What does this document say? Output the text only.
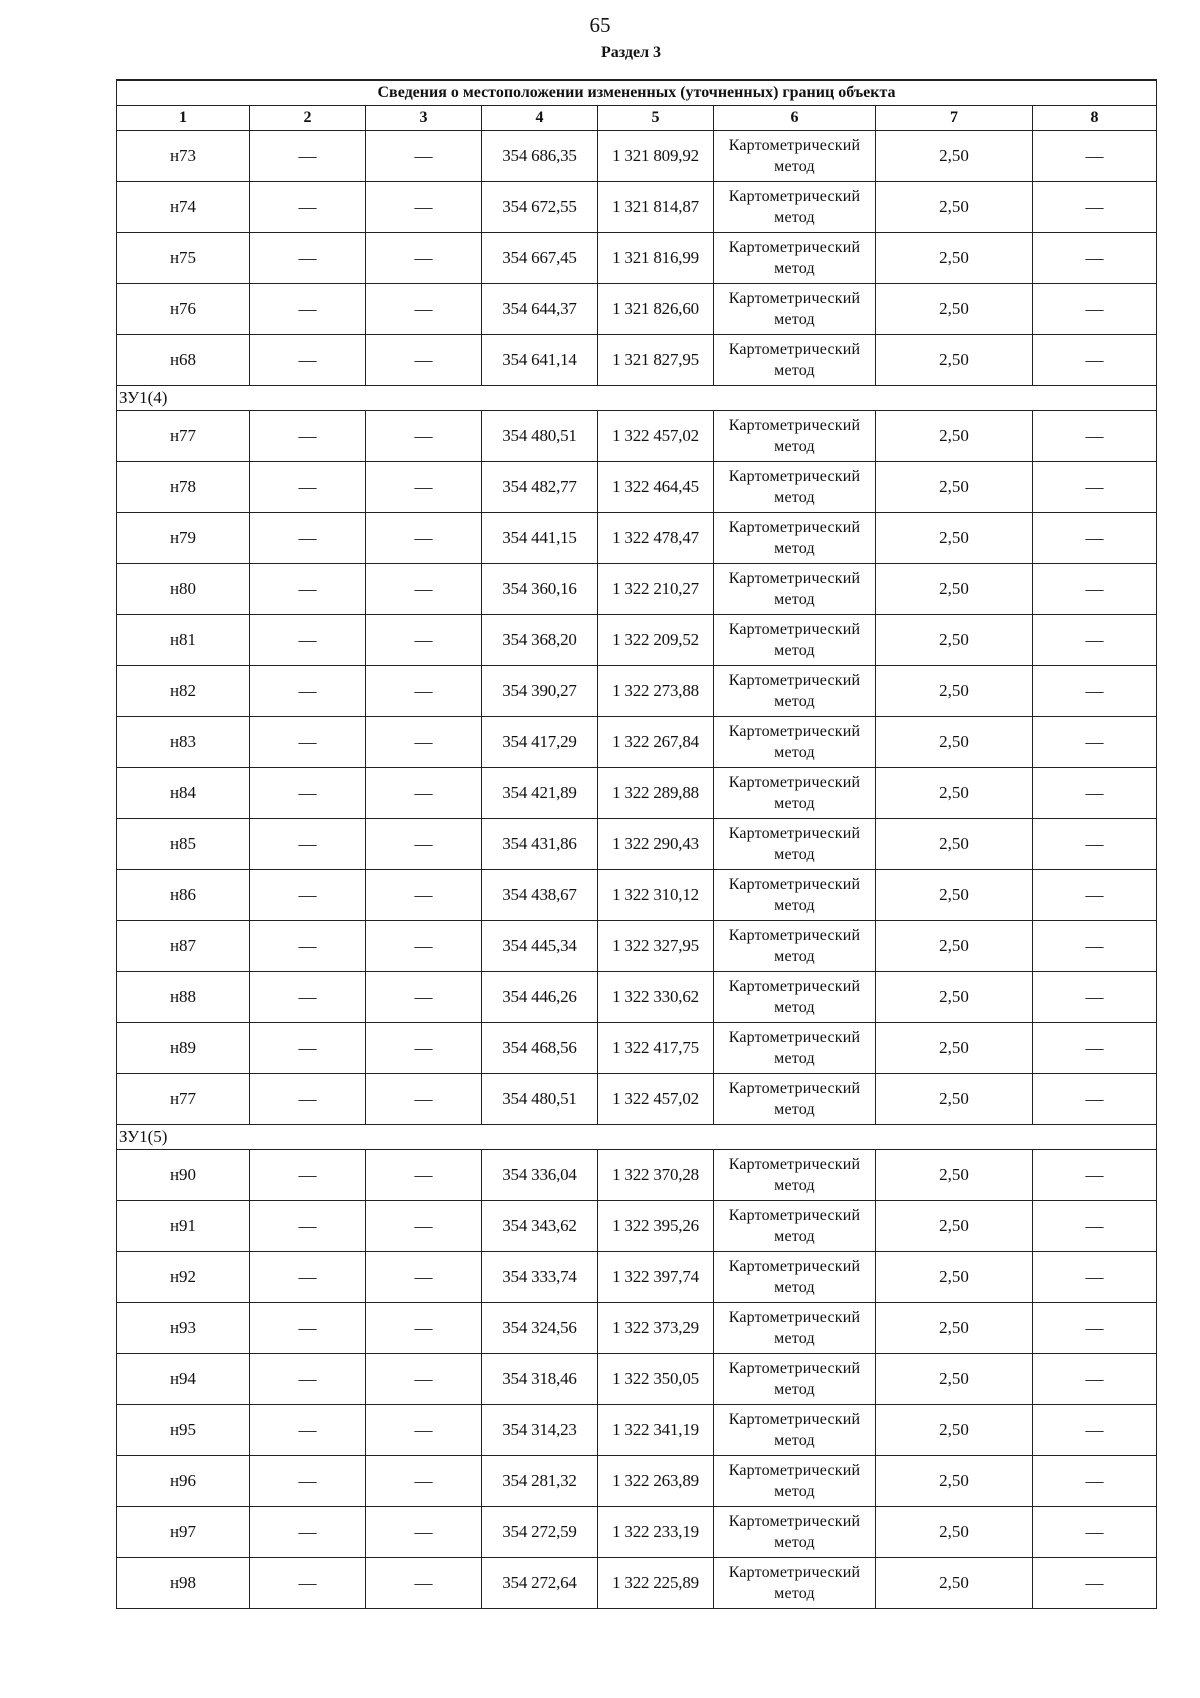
65
Раздел 3
Сведения о местоположении измененных (уточненных) границ объекта							
1	2	3	4	5	6	7	8
н73	—	—	354 686,35	1 321 809,92	Картометрический метод	2,50	—
н74	—	—	354 672,55	1 321 814,87	Картометрический метод	2,50	—
н75	—	—	354 667,45	1 321 816,99	Картометрический метод	2,50	—
н76	—	—	354 644,37	1 321 826,60	Картометрический метод	2,50	—
н68	—	—	354 641,14	1 321 827,95	Картометрический метод	2,50	—
ЗУ1(4)							
н77	—	—	354 480,51	1 322 457,02	Картометрический метод	2,50	—
н78	—	—	354 482,77	1 322 464,45	Картометрический метод	2,50	—
н79	—	—	354 441,15	1 322 478,47	Картометрический метод	2,50	—
н80	—	—	354 360,16	1 322 210,27	Картометрический метод	2,50	—
н81	—	—	354 368,20	1 322 209,52	Картометрический метод	2,50	—
н82	—	—	354 390,27	1 322 273,88	Картометрический метод	2,50	—
н83	—	—	354 417,29	1 322 267,84	Картометрический метод	2,50	—
н84	—	—	354 421,89	1 322 289,88	Картометрический метод	2,50	—
н85	—	—	354 431,86	1 322 290,43	Картометрический метод	2,50	—
н86	—	—	354 438,67	1 322 310,12	Картометрический метод	2,50	—
н87	—	—	354 445,34	1 322 327,95	Картометрический метод	2,50	—
н88	—	—	354 446,26	1 322 330,62	Картометрический метод	2,50	—
н89	—	—	354 468,56	1 322 417,75	Картометрический метод	2,50	—
н77	—	—	354 480,51	1 322 457,02	Картометрический метод	2,50	—
ЗУ1(5)							
н90	—	—	354 336,04	1 322 370,28	Картометрический метод	2,50	—
н91	—	—	354 343,62	1 322 395,26	Картометрический метод	2,50	—
н92	—	—	354 333,74	1 322 397,74	Картометрический метод	2,50	—
н93	—	—	354 324,56	1 322 373,29	Картометрический метод	2,50	—
н94	—	—	354 318,46	1 322 350,05	Картометрический метод	2,50	—
н95	—	—	354 314,23	1 322 341,19	Картометрический метод	2,50	—
н96	—	—	354 281,32	1 322 263,89	Картометрический метод	2,50	—
н97	—	—	354 272,59	1 322 233,19	Картометрический метод	2,50	—
н98	—	—	354 272,64	1 322 225,89	Картометрический метод	2,50	—
